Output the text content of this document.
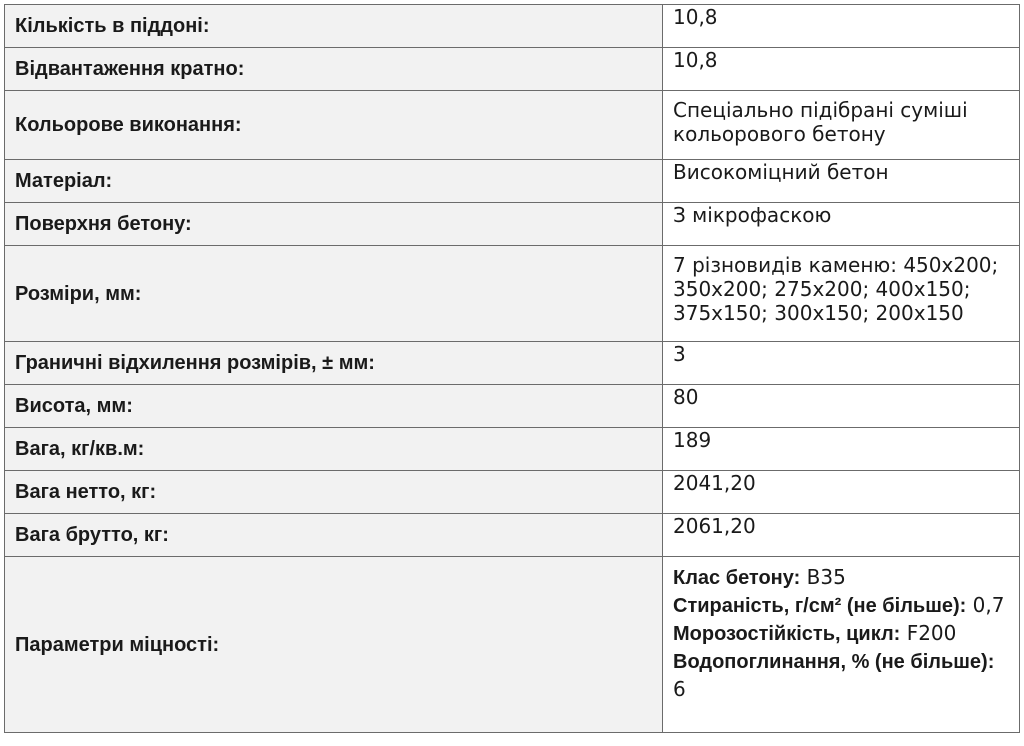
Кількість в піддоні:	10,8
Відвантаження кратно:	10,8
Кольорове виконання:	Спеціально підібрані суміші кольорового бетону
Матеріал:	Високоміцний бетон
Поверхня бетону:	З мікрофаскою
Розміри, мм:	7 різновидів каменю: 450x200; 350x200; 275x200; 400x150; 375x150; 300x150; 200x150
Граничні відхилення розмірів, ± мм:	3
Висота, мм:	80
Вага, кг/кв.м:	189
Вага нетто, кг:	2041,20
Вага брутто, кг:	2061,20
Параметри міцності:	Клас бетону: B35
Стираність, г/см² (не більше): 0,7
Морозостійкість, цикл: F200
Водопоглинання, % (не більше): 6
